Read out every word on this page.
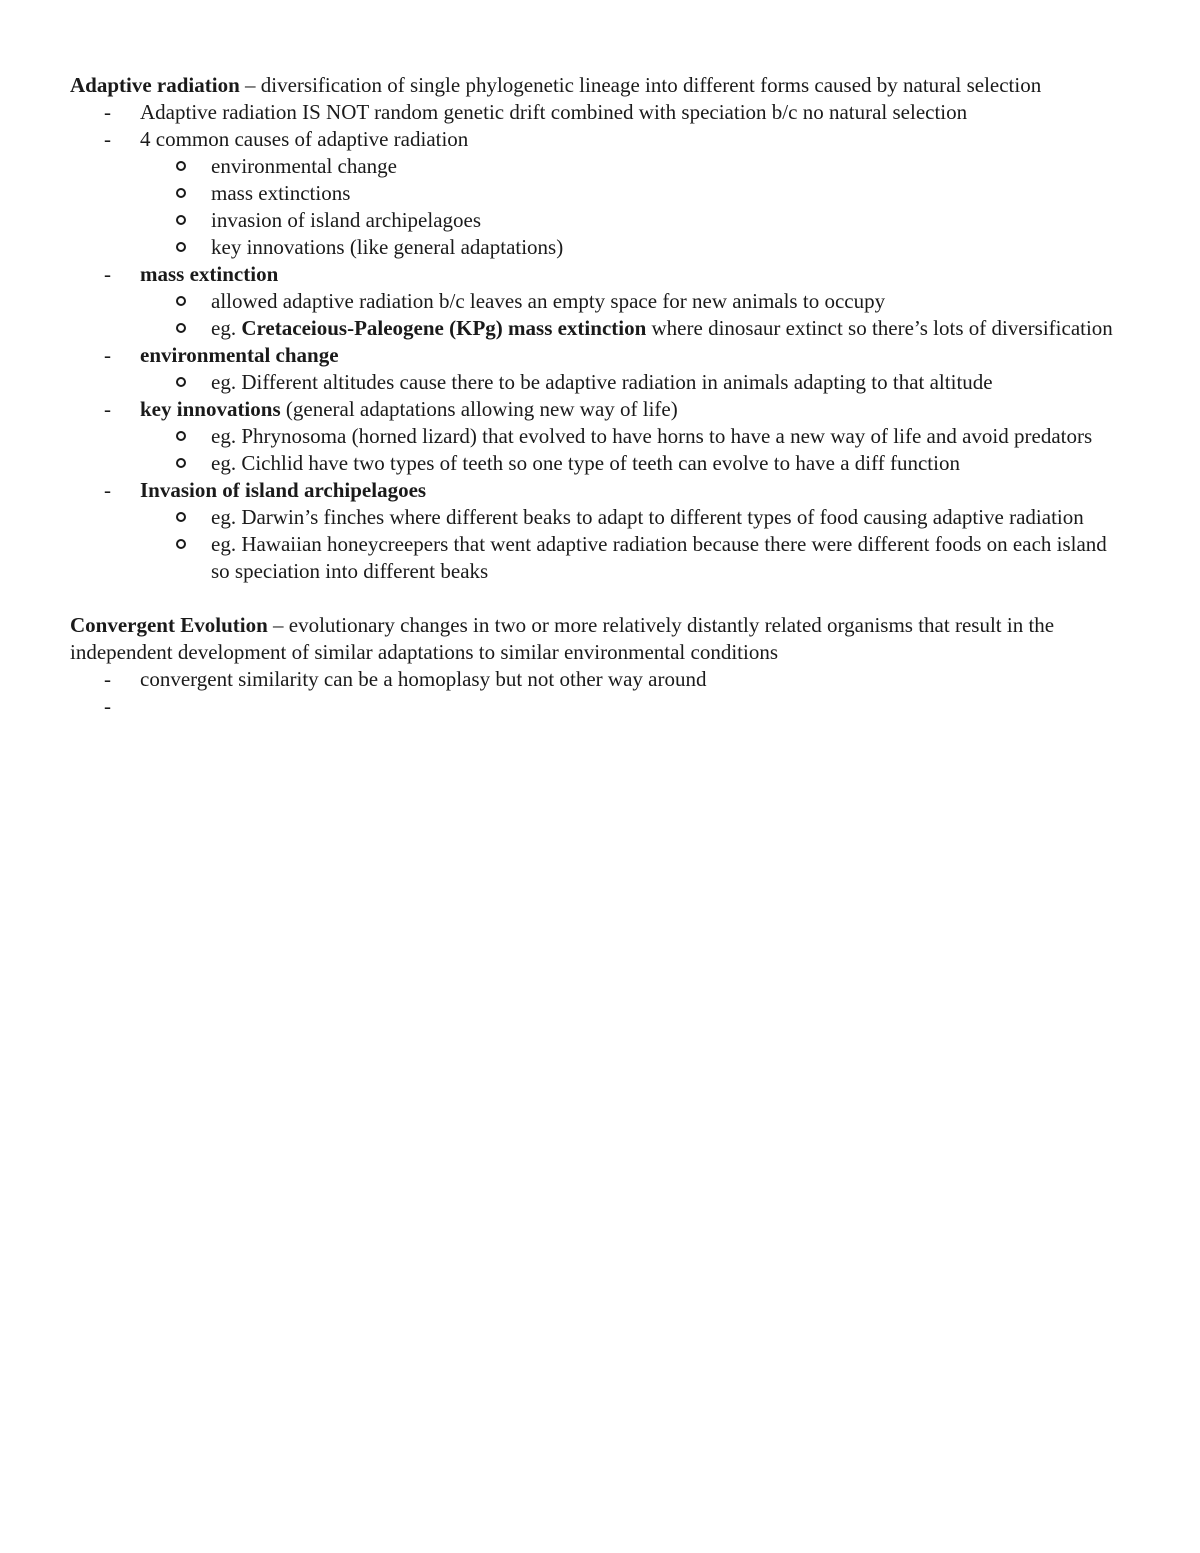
Adaptive radiation – diversification of single phylogenetic lineage into different forms caused by natural selection

- Adaptive radiation IS NOT random genetic drift combined with speciation b/c no natural selection
- 4 common causes of adaptive radiation
environmental change
mass extinctions
invasion of island archipelagoes
key innovations (like general adaptations)
- mass extinction
allowed adaptive radiation b/c leaves an empty space for new animals to occupy
eg. Cretaceious-Paleogene (KPg) mass extinction where dinosaur extinct so there’s lots of diversification
- environmental change
eg. Different altitudes cause there to be adaptive radiation in animals adapting to that altitude
- key innovations (general adaptations allowing new way of life)
eg. Phrynosoma (horned lizard) that evolved to have horns to have a new way of life and avoid predators
eg. Cichlid have two types of teeth so one type of teeth can evolve to have a diff function
- Invasion of island archipelagoes
eg. Darwin’s finches where different beaks to adapt to different types of food causing adaptive radiation
eg. Hawaiian honeycreepers that went adaptive radiation because there were different foods on each island so speciation into different beaks

Convergent Evolution – evolutionary changes in two or more relatively distantly related organisms that result in the independent development of similar adaptations to similar environmental conditions

- convergent similarity can be a homoplasy but not other way around
-
